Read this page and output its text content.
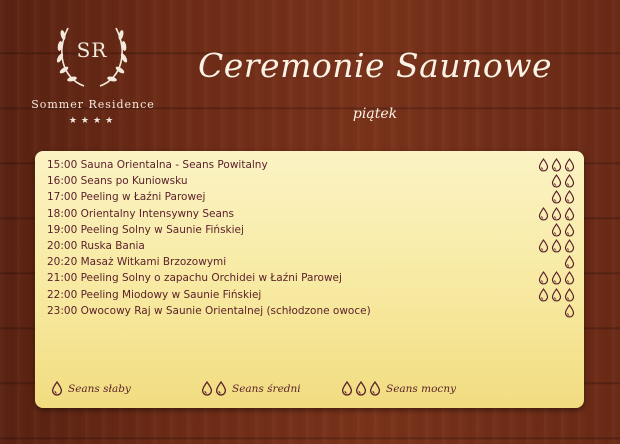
SR
Sommer Residence
★★★★
Ceremonie Saunowe
piątek
15:00 Sauna Orientalna - Seans Powitalny
16:00 Seans po Kuniowsku
17:00 Peeling w Łaźni Parowej
18:00 Orientalny Intensywny Seans
19:00 Peeling Solny w Saunie Fińskiej
20:00 Ruska Bania
20:20 Masaż Witkami Brzozowymi
21:00 Peeling Solny o zapachu Orchidei w Łaźni Parowej
22:00 Peeling Miodowy w Saunie Fińskiej
23:00 Owocowy Raj w Saunie Orientalnej (schłodzone owoce)
Seans słaby	Seans średni	Seans mocny
